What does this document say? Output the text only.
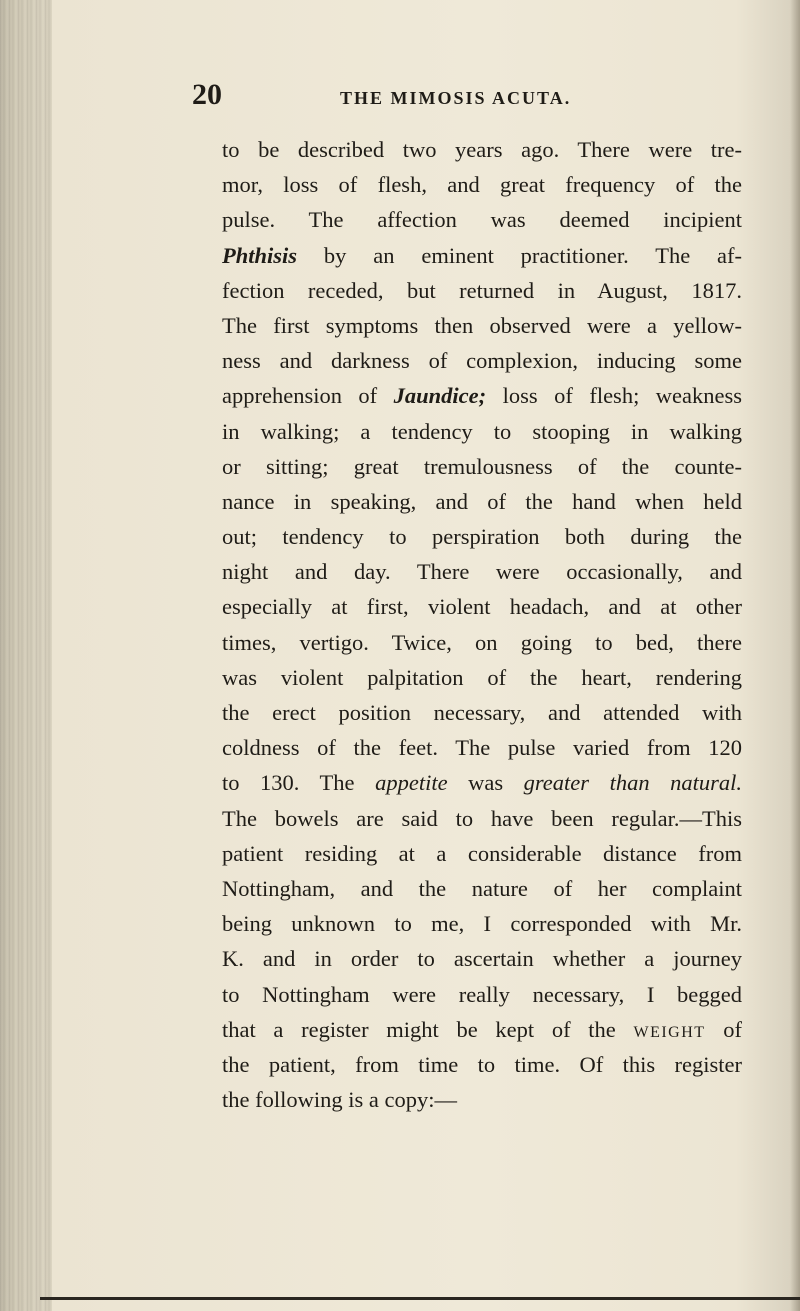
20	THE MIMOSIS ACUTA.
to be described two years ago. There were tre-
mor, loss of flesh, and great frequency of the
pulse. The affection was deemed incipient
Phthisis by an eminent practitioner. The af-
fection receded, but returned in August, 1817.
The first symptoms then observed were a yellow-
ness and darkness of complexion, inducing some
apprehension of Jaundice; loss of flesh; weakness
in walking; a tendency to stooping in walking
or sitting; great tremulousness of the counte-
nance in speaking, and of the hand when held
out; tendency to perspiration both during the
night and day. There were occasionally, and
especially at first, violent headach, and at other
times, vertigo. Twice, on going to bed, there
was violent palpitation of the heart, rendering
the erect position necessary, and attended with
coldness of the feet. The pulse varied from 120
to 130. The appetite was greater than natural.
The bowels are said to have been regular.—This
patient residing at a considerable distance from
Nottingham, and the nature of her complaint
being unknown to me, I corresponded with Mr.
K. and in order to ascertain whether a journey
to Nottingham were really necessary, I begged
that a register might be kept of the weight of
the patient, from time to time. Of this register
the following is a copy:—
